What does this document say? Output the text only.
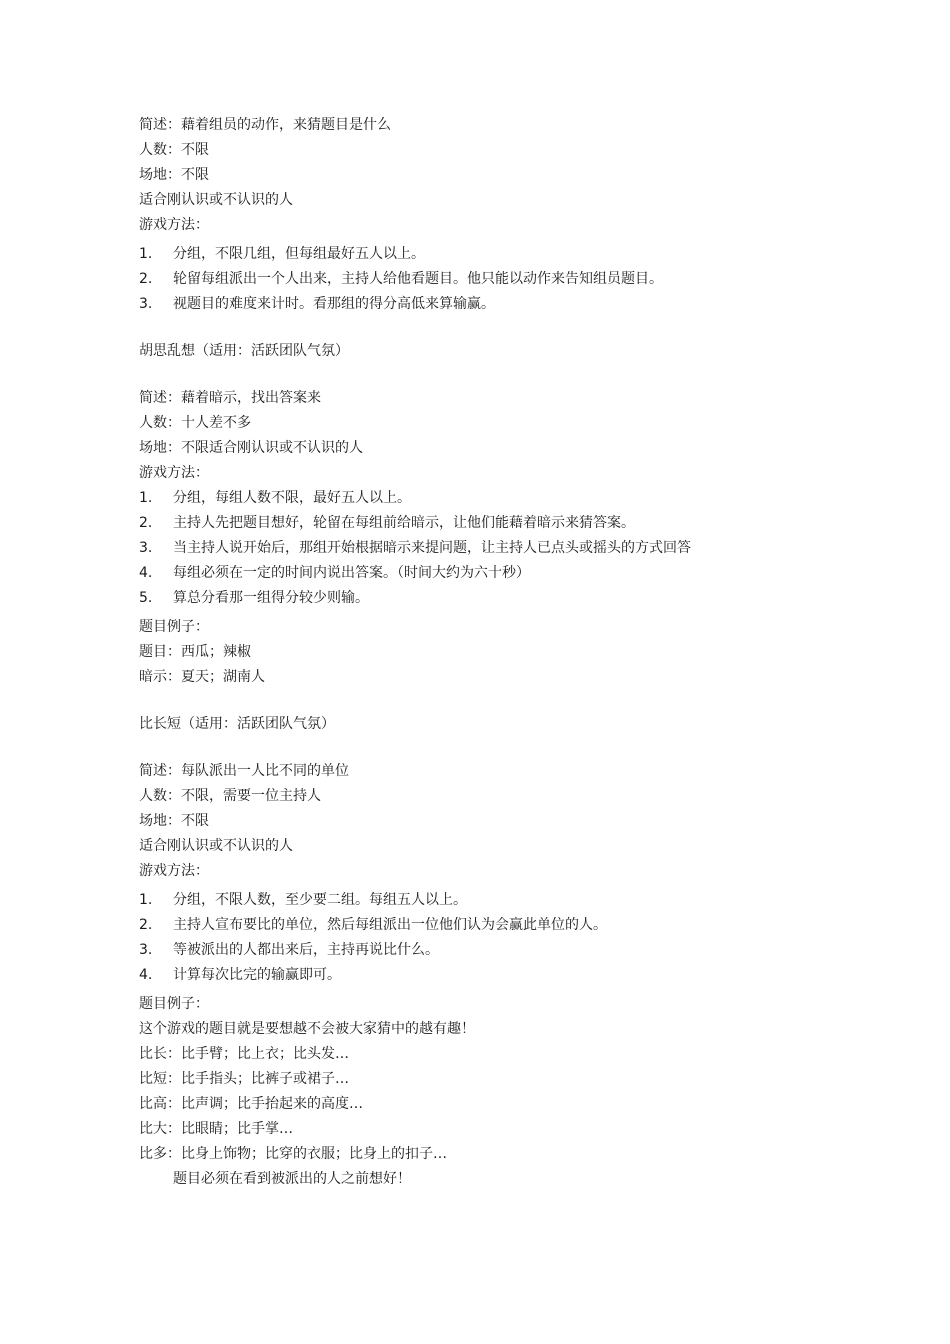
简述：藉着组员的动作，来猜题目是什么
人数：不限
场地：不限
适合刚认识或不认识的人
游戏方法：
1.	分组，不限几组，但每组最好五人以上。
2.	轮留每组派出一个人出来，主持人给他看题目。他只能以动作来告知组员题目。
3.	视题目的难度来计时。看那组的得分高低来算输赢。
胡思乱想（适用：活跃团队气氛）
简述：藉着暗示，找出答案来
人数：十人差不多
场地：不限适合刚认识或不认识的人
游戏方法：
1.	分组，每组人数不限，最好五人以上。
2.	主持人先把题目想好，轮留在每组前给暗示，让他们能藉着暗示来猜答案。
3.	当主持人说开始后，那组开始根据暗示来提问题，让主持人已点头或摇头的方式回答
4.	每组必须在一定的时间内说出答案。（时间大约为六十秒）
5.	算总分看那一组得分较少则输。
题目例子：
题目：西瓜；辣椒
暗示：夏天；湖南人
比长短（适用：活跃团队气氛）
简述：每队派出一人比不同的单位
人数：不限，需要一位主持人
场地：不限
适合刚认识或不认识的人
游戏方法：
1.	分组，不限人数，至少要二组。每组五人以上。
2.	主持人宣布要比的单位，然后每组派出一位他们认为会赢此单位的人。
3.	等被派出的人都出来后，主持再说比什么。
4.	计算每次比完的输赢即可。
题目例子：
这个游戏的题目就是要想越不会被大家猜中的越有趣！
比长：比手臂；比上衣；比头发…
比短：比手指头；比裤子或裙子…
比高：比声调；比手抬起来的高度…
比大：比眼睛；比手掌…
比多：比身上饰物；比穿的衣服；比身上的扣子…
题目必须在看到被派出的人之前想好！
